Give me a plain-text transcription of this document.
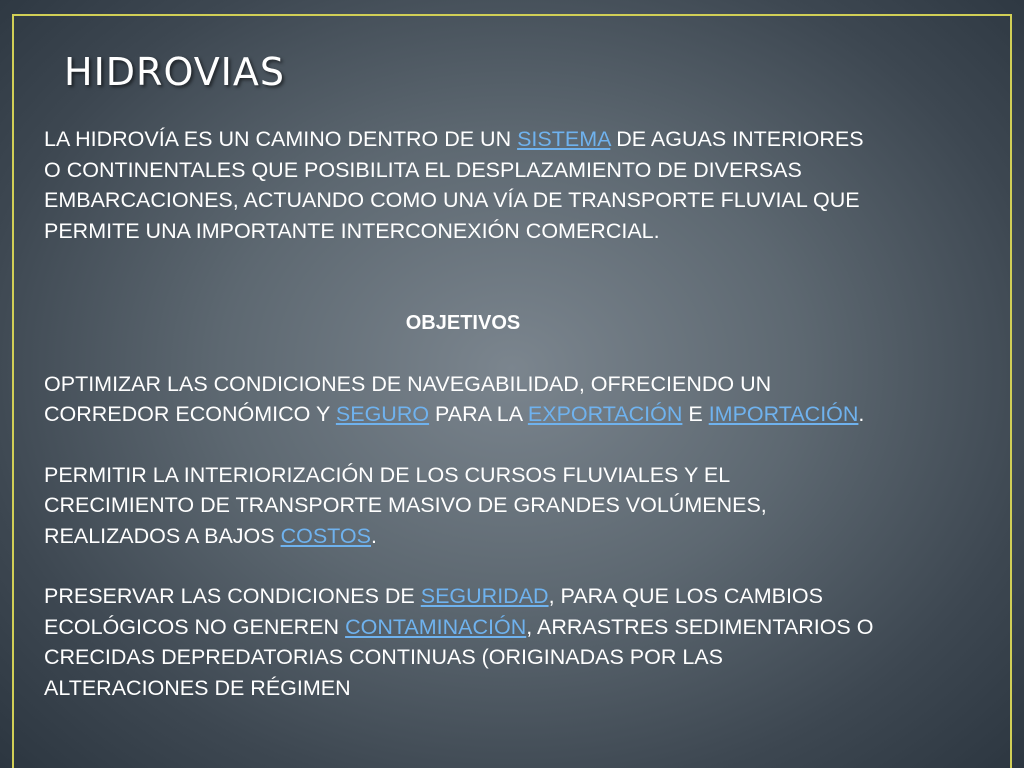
HIDROVIAS

LA HIDROVÍA ES UN CAMINO DENTRO DE UN SISTEMA DE AGUAS INTERIORES O CONTINENTALES QUE POSIBILITA EL DESPLAZAMIENTO DE DIVERSAS EMBARCACIONES, ACTUANDO COMO UNA VÍA DE TRANSPORTE FLUVIAL QUE PERMITE UNA IMPORTANTE INTERCONEXIÓN COMERCIAL.

OBJETIVOS

OPTIMIZAR LAS CONDICIONES DE NAVEGABILIDAD, OFRECIENDO UN CORREDOR ECONÓMICO Y SEGURO PARA LA EXPORTACIÓN E IMPORTACIÓN.

PERMITIR LA INTERIORIZACIÓN DE LOS CURSOS FLUVIALES Y EL CRECIMIENTO DE TRANSPORTE MASIVO DE GRANDES VOLÚMENES, REALIZADOS A BAJOS COSTOS.

PRESERVAR LAS CONDICIONES DE SEGURIDAD, PARA QUE LOS CAMBIOS ECOLÓGICOS NO GENEREN CONTAMINACIÓN, ARRASTRES SEDIMENTARIOS O CRECIDAS DEPREDATORIAS CONTINUAS (ORIGINADAS POR LAS ALTERACIONES DE RÉGIMEN
